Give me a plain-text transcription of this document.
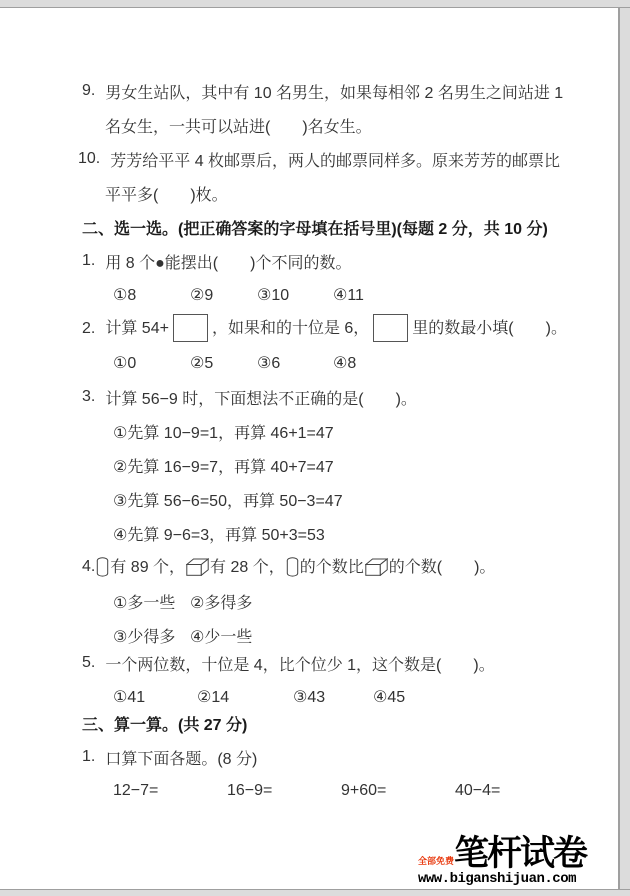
9. 男女生站队，其中有 10 名男生，如果每相邻 2 名男生之间站进 1
名女生，一共可以站进(　　)名女生。
10. 芳芳给平平 4 枚邮票后，两人的邮票同样多。原来芳芳的邮票比
平平多(　　)枚。
二、选一选。(把正确答案的字母填在括号里)(每题 2 分，共 10 分)
1. 用 8 个●能摆出(　　)个不同的数。
①8	②9	③10	④11
2. 计算 54+	，如果和的十位是 6，	里的数最小填(　　)。
①0	②5	③6	④8
3. 计算 56−9 时，下面想法不正确的是(　　)。
①先算 10−9=1，再算 46+1=47
②先算 16−9=7，再算 40+7=47
③先算 56−6=50，再算 50−3=47
④先算 9−6=3，再算 50+3=53
4. 有 89 个， 有 28 个， 的个数比 的个数(　　)。
①多一些 ②多得多
③少得多 ④少一些
5. 一个两位数，十位是 4，比个位少 1，这个数是(　　)。
①41	②14	③43	④45
三、算一算。(共 27 分)
1. 口算下面各题。(8 分)
12−7=	16−9=	9+60=	40−4=
全部免费 笔杆试卷
www.biganshijuan.com
